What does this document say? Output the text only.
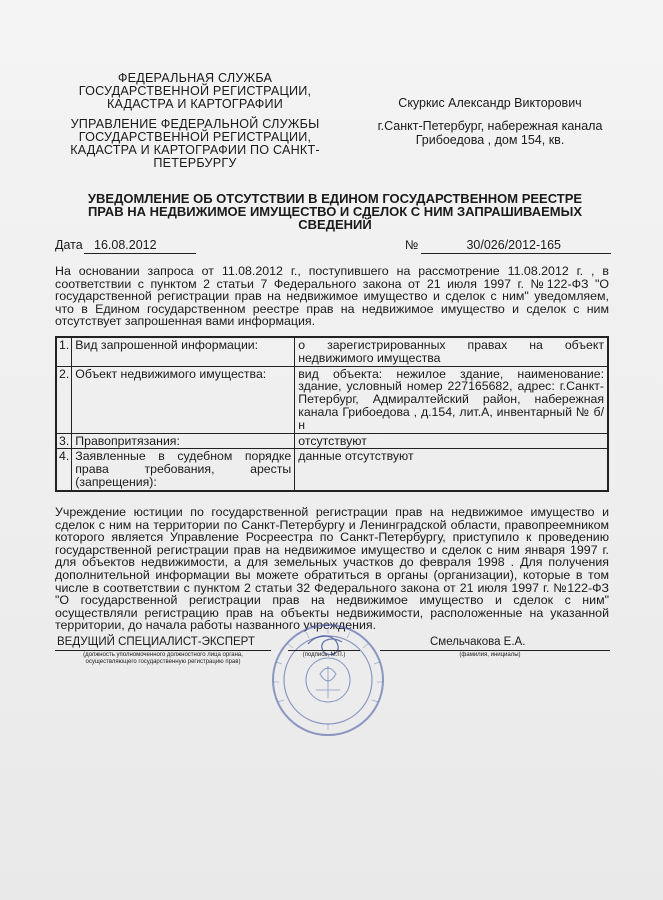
ФЕДЕРАЛЬНАЯ СЛУЖБА
ГОСУДАРСТВЕННОЙ РЕГИСТРАЦИИ,
КАДАСТРА И КАРТОГРАФИИ
УПРАВЛЕНИЕ ФЕДЕРАЛЬНОЙ СЛУЖБЫ
ГОСУДАРСТВЕННОЙ РЕГИСТРАЦИИ,
КАДАСТРА И КАРТОГРАФИИ ПО САНКТ-
ПЕТЕРБУРГУ
Скуркис Александр Викторович
г.Санкт-Петербург, набережная канала
Грибоедова , дом 154, кв.
УВЕДОМЛЕНИЕ ОБ ОТСУТСТВИИ В ЕДИНОМ ГОСУДАРСТВЕННОМ РЕЕСТРЕ
ПРАВ НА НЕДВИЖИМОЕ ИМУЩЕСТВО И СДЕЛОК С НИМ ЗАПРАШИВАЕМЫХ
СВЕДЕНИЙ
Дата 16.08.2012	№	30/026/2012-165
На основании запроса от 11.08.2012 г., поступившего на рассмотрение 11.08.2012 г. , в соответствии с пунктом 2 статьи 7 Федерального закона от 21 июля 1997 г. №122-ФЗ "О государственной регистрации прав на недвижимое имущество и сделок с ним" уведомляем, что в Едином государственном реестре прав на недвижимое имущество и сделок с ним отсутствует запрошенная вами информация.
1.	Вид запрошенной информации:	о зарегистрированных правах на объект недвижимого имущества
2.	Объект недвижимого имущества:	вид объекта: нежилое здание, наименование: здание, условный номер 227165682, адрес: г.Санкт-Петербург, Адмиралтейский район, набережная канала Грибоедова , д.154, лит.А, инвентарный № б/н
3.	Правопритязания:	отсутствуют
4.	Заявленные в судебном порядке права требования, аресты (запрещения):	данные отсутствуют
Учреждение юстиции по государственной регистрации прав на недвижимое имущество и сделок с ним на территории по Санкт-Петербургу и Ленинградской области, правопреемником которого является Управление Росреестра по Санкт-Петербургу, приступило к проведению государственной регистрации прав на недвижимое имущество и сделок с ним января 1997 г. для объектов недвижимости, а для земельных участков до февраля 1998 . Для получения дополнительной информации вы можете обратиться в органы (организации), которые в том числе в соответствии с пунктом 2 статьи 32 Федерального закона от 21 июля 1997 г. №122-ФЗ "О государственной регистрации прав на недвижимое имущество и сделок с ним" осуществляли регистрацию прав на объекты недвижимости, расположенные на указанной территории, до начала работы названного учреждения.
ВЕДУЩИЙ СПЕЦИАЛИСТ-ЭКСПЕРТ
(должность уполномоченного должностного лица органа,
осуществляющего государственную регистрацию прав)
(подпись, М.П.)
Смельчакова Е.А.
(фамилия, инициалы)
